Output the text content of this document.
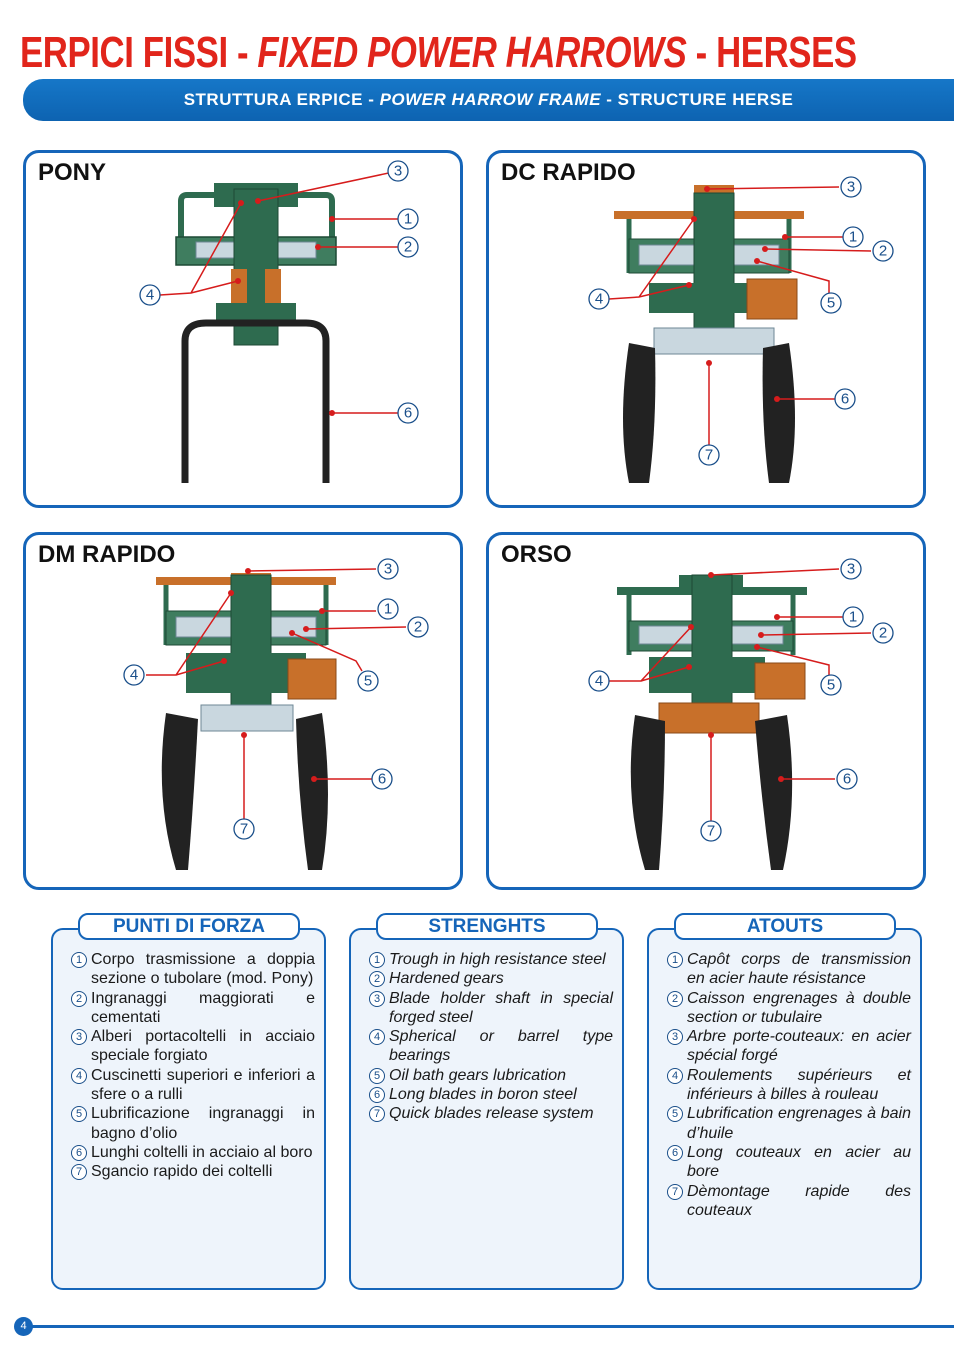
ERPICI FISSI - FIXED POWER HARROWS - HERSES
STRUTTURA ERPICE - POWER HARROW FRAME - STRUCTURE HERSE
PONY	3
1
2
4
6
DC RAPIDO
3
1
2
4	5
6
7
DM RAPIDO
3
1
2
4	5
6
7
ORSO
3
1
2
4	5
6
7
1 Corpo trasmissione a doppia sezione o tubolare (mod. Pony)
2 Ingranaggi maggiorati e cementati
3 Alberi portacoltelli in acciaio speciale forgiato
4 Cuscinetti superiori e inferiori a sfere o a rulli
5 Lubrificazione ingranaggi in bagno d’olio
6 Lunghi coltelli in acciaio al boro
7 Sgancio rapido dei coltelli
PUNTI DI FORZA
1 Trough in high resistance steel
2 Hardened gears
3 Blade holder shaft in special forged steel
4 Spherical or barrel type bearings
5 Oil bath gears lubrication
6 Long blades in boron steel
7 Quick blades release system
STRENGHTS
1 Capôt corps de transmission en acier haute résistance
2 Caisson engrenages à double section or tubulaire
3 Arbre porte-couteaux: en acier spécial forgé
4 Roulements supérieurs et inférieurs à billes à rouleau
5 Lubrification engrenages à bain d’huile
6 Long couteaux en acier au bore
7 Dèmontage rapide des couteaux
ATOUTS
4
